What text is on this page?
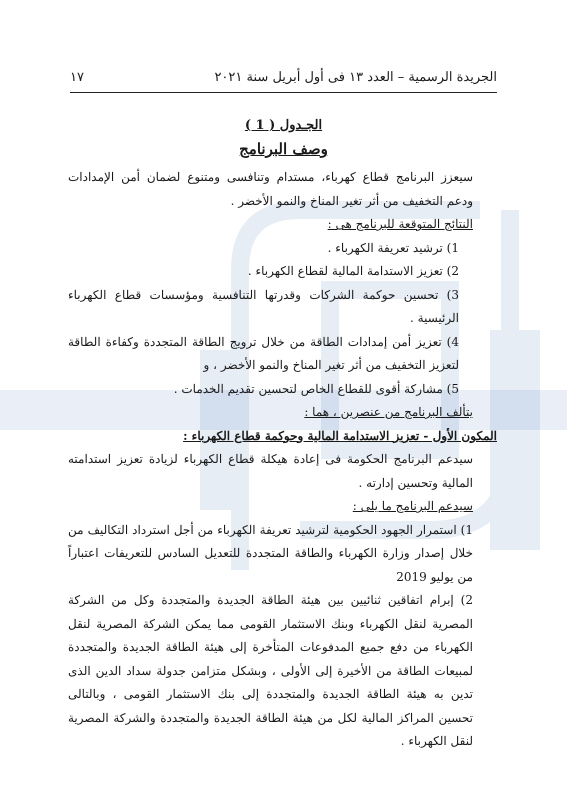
الجريدة الرسمية – العدد ١٣ فى أول أبريل سنة ٢٠٢١
١٧
الجـدول ( 1 )
وصف البرنامج

سيعزز البرنامج قطاع كهرباء، مستدام وتنافسى ومتنوع لضمان أمن الإمدادات ودعم التخفيف من أثر تغير المناخ والنمو الأخضر .

النتائج المتوقعة للبرنامج هى :

1) ترشيد تعريفة الكهرباء .

2) تعزيز الاستدامة المالية لقطاع الكهرباء .

3) تحسين حوكمة الشركات وقدرتها التنافسية ومؤسسات قطاع الكهرباء الرئيسية .

4) تعزيز أمن إمدادات الطاقة من خلال ترويج الطاقة المتجددة وكفاءة الطاقة لتعزيز التخفيف من أثر تغير المناخ والنمو الأخضر ، و

5) مشاركة أقوى للقطاع الخاص لتحسين تقديم الخدمات .

يتألف البرنامج من عنصرين ، هما :

المكون الأول - تعزيز الاستدامة المالية وحوكمة قطاع الكهرباء :

سيدعم البرنامج الحكومة فى إعادة هيكلة قطاع الكهرباء لزيادة تعزيز استدامته المالية وتحسين إدارته .

سيدعم البرنامج ما يلى :

1) استمرار الجهود الحكومية لترشيد تعريفة الكهرباء من أجل استرداد التكاليف من خلال إصدار وزارة الكهرباء والطاقة المتجددة للتعديل السادس للتعريفات اعتباراً من يوليو 2019

2) إبرام اتفاقين ثنائيين بين هيئة الطاقة الجديدة والمتجددة وكل من الشركة المصرية لنقل الكهرباء وبنك الاستثمار القومى مما يمكن الشركة المصرية لنقل الكهرباء من دفع جميع المدفوعات المتأخرة إلى هيئة الطاقة الجديدة والمتجددة لمبيعات الطاقة من الأخيرة إلى الأولى ، وبشكل متزامن جدولة سداد الدين الذى تدين به هيئة الطاقة الجديدة والمتجددة إلى بنك الاستثمار القومى ، وبالتالى تحسين المراكز المالية لكل من هيئة الطاقة الجديدة والمتجددة والشركة المصرية لنقل الكهرباء .
